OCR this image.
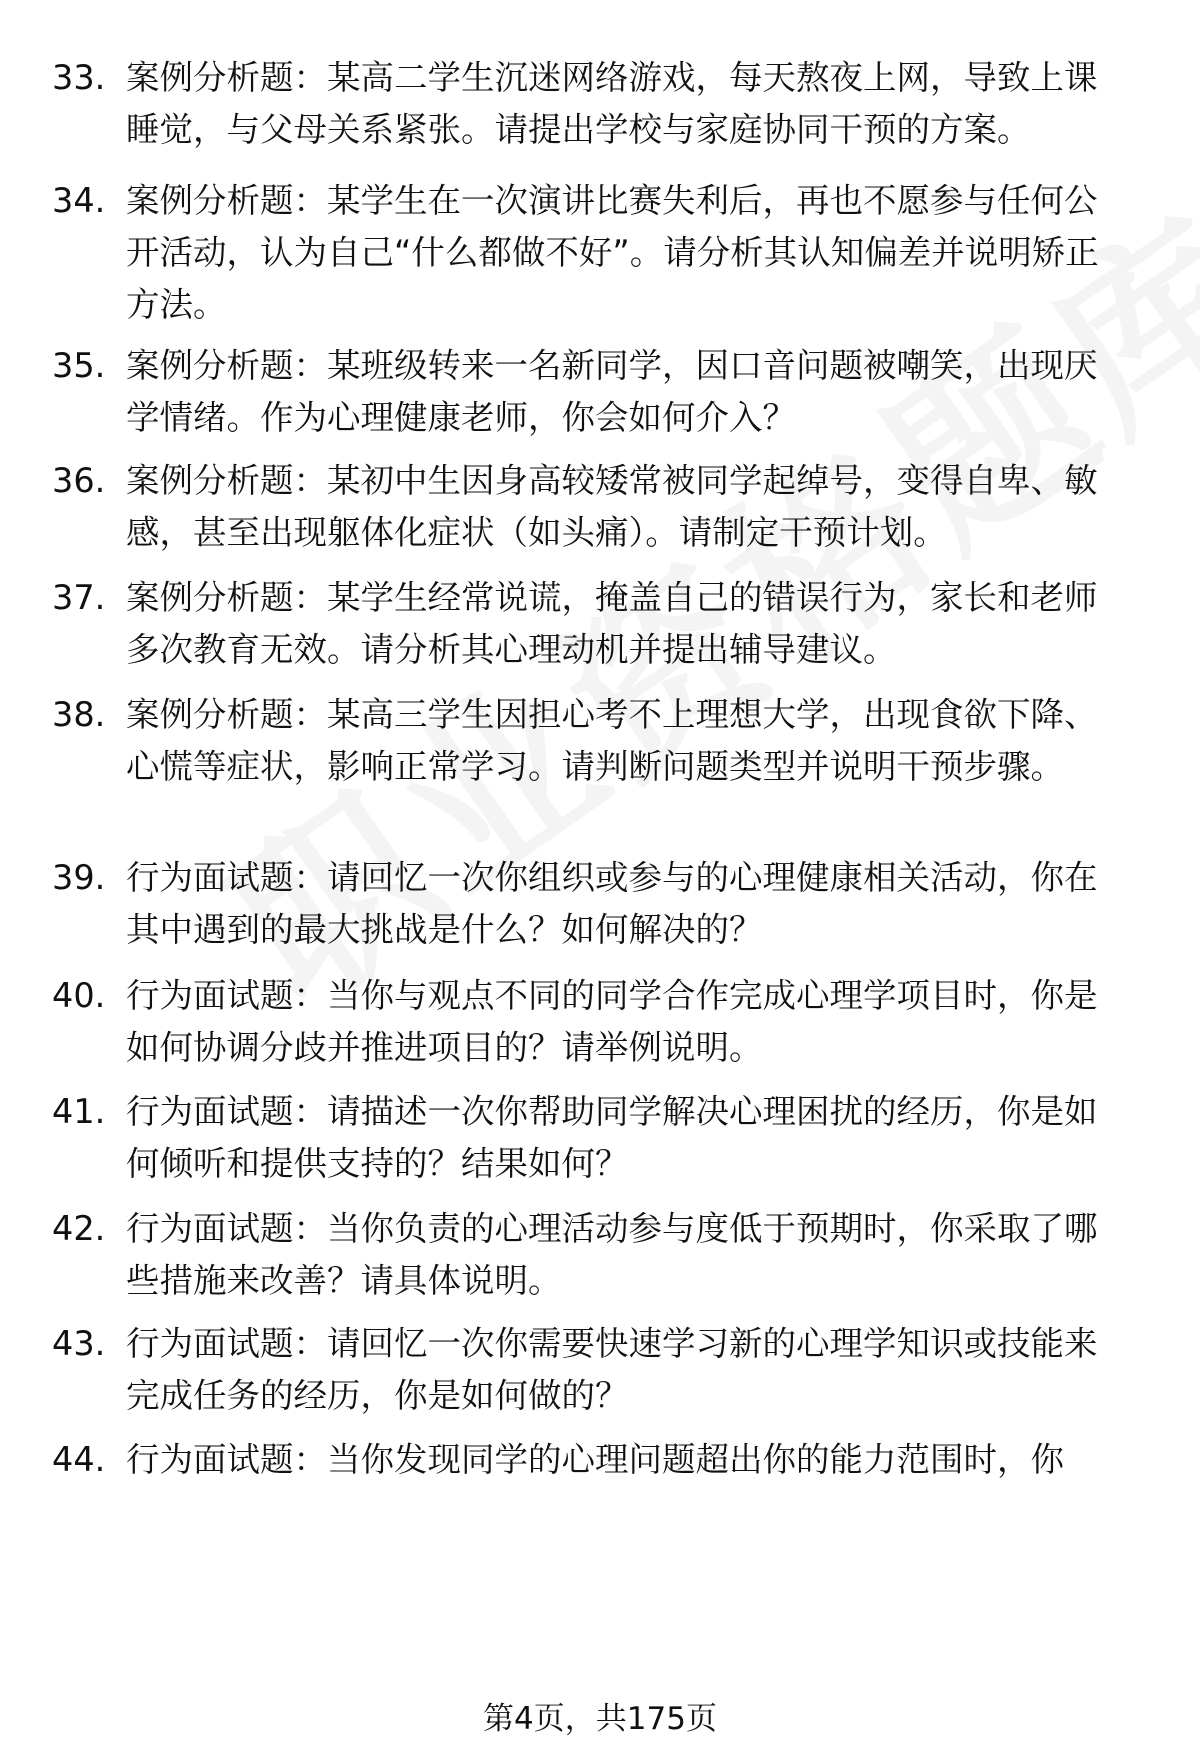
33. 案例分析题：某高二学生沉迷网络游戏，每天熬夜上网，导致上课睡觉，与父母关系紧张。请提出学校与家庭协同干预的方案。
34. 案例分析题：某学生在一次演讲比赛失利后，再也不愿参与任何公开活动，认为自己“什么都做不好”。请分析其认知偏差并说明矫正方法。
35. 案例分析题：某班级转来一名新同学，因口音问题被嘲笑，出现厌学情绪。作为心理健康老师，你会如何介入？
36. 案例分析题：某初中生因身高较矮常被同学起绰号，变得自卑、敏感，甚至出现躯体化症状（如头痛）。请制定干预计划。
37. 案例分析题：某学生经常说谎，掩盖自己的错误行为，家长和老师多次教育无效。请分析其心理动机并提出辅导建议。
38. 案例分析题：某高三学生因担心考不上理想大学，出现食欲下降、心慌等症状，影响正常学习。请判断问题类型并说明干预步骤。
39. 行为面试题：请回忆一次你组织或参与的心理健康相关活动，你在其中遇到的最大挑战是什么？如何解决的？
40. 行为面试题：当你与观点不同的同学合作完成心理学项目时，你是如何协调分歧并推进项目的？请举例说明。
41. 行为面试题：请描述一次你帮助同学解决心理困扰的经历，你是如何倾听和提供支持的？结果如何？
42. 行为面试题：当你负责的心理活动参与度低于预期时，你采取了哪些措施来改善？请具体说明。
43. 行为面试题：请回忆一次你需要快速学习新的心理学知识或技能来完成任务的经历，你是如何做的？
44. 行为面试题：当你发现同学的心理问题超出你的能力范围时，你
第4页，共175页
